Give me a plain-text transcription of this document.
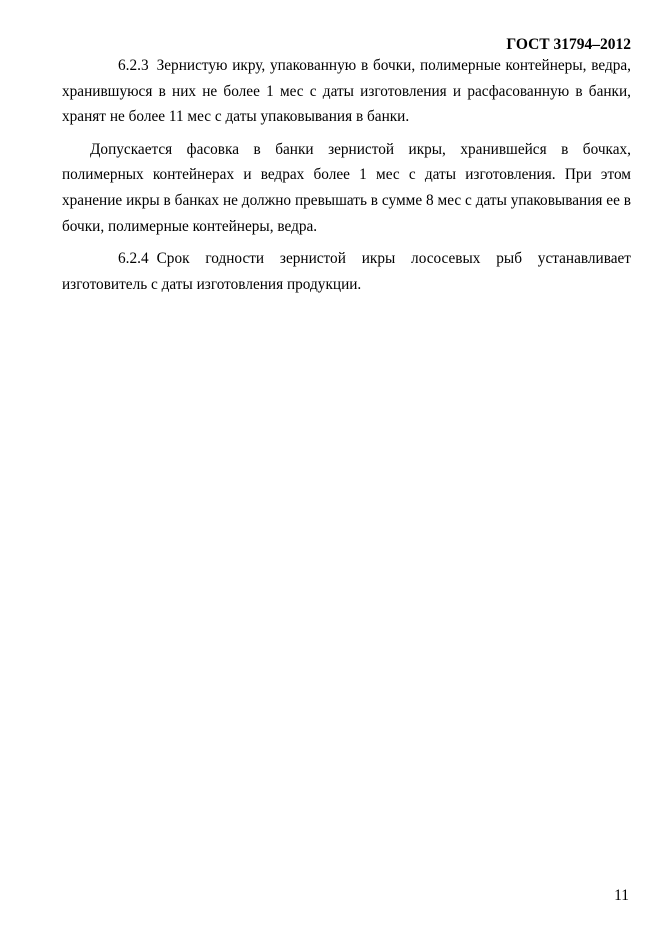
ГОСТ 31794–2012

6.2.3 Зернистую икру, упакованную в бочки, полимерные контейнеры, ведра, хранившуюся в них не более 1 мес с даты изготовления и расфасованную в банки, хранят не более 11 мес с даты упаковывания в банки.

Допускается фасовка в банки зернистой икры, хранившейся в бочках, полимерных контейнерах и ведрах более 1 мес с даты изготовления. При этом хранение икры в банках не должно превышать в сумме 8 мес с даты упаковывания ее в бочки, полимерные контейнеры, ведра.

6.2.4 Срок годности зернистой икры лососевых рыб устанавливает изготовитель с даты изготовления продукции.

11
